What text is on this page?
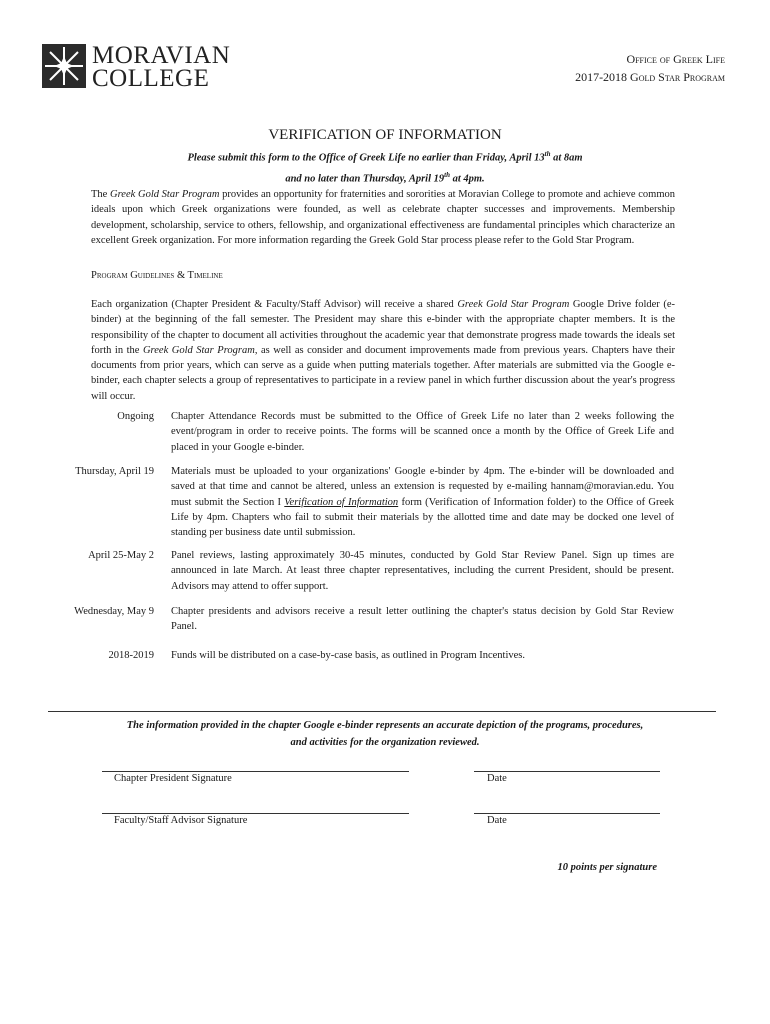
MORAVIAN
COLLEGE
Office of Greek Life
2017-2018 Gold Star Program
VERIFICATION OF INFORMATION
Please submit this form to the Office of Greek Life no earlier than Friday, April 13th at 8am
and no later than Thursday, April 19th at 4pm.
The Greek Gold Star Program provides an opportunity for fraternities and sororities at Moravian College to promote and achieve common ideals upon which Greek organizations were founded, as well as celebrate chapter successes and improvements. Membership development, scholarship, service to others, fellowship, and organizational effectiveness are fundamental principles which characterize an excellent Greek organization. For more information regarding the Greek Gold Star process please refer to the Gold Star Program.
Program Guidelines & Timeline
Each organization (Chapter President & Faculty/Staff Advisor) will receive a shared Greek Gold Star Program Google Drive folder (e-binder) at the beginning of the fall semester. The President may share this e-binder with the appropriate chapter members. It is the responsibility of the chapter to document all activities throughout the academic year that demonstrate progress made towards the ideals set forth in the Greek Gold Star Program, as well as consider and document improvements made from previous years. Chapters have their documents from prior years, which can serve as a guide when putting materials together. After materials are submitted via the Google e-binder, each chapter selects a group of representatives to participate in a review panel in which further discussion about the year's progress will occur.
Ongoing Chapter Attendance Records must be submitted to the Office of Greek Life no later than 2 weeks following the event/program in order to receive points. The forms will be scanned once a month by the Office of Greek Life and placed in your Google e-binder.
Thursday, April 19 Materials must be uploaded to your organizations' Google e-binder by 4pm. The e-binder will be downloaded and saved at that time and cannot be altered, unless an extension is requested by e-mailing hannam@moravian.edu. You must submit the Section I Verification of Information form (Verification of Information folder) to the Office of Greek Life by 4pm. Chapters who fail to submit their materials by the allotted time and date may be docked one level of standing per business date until submission.
April 25-May 2 Panel reviews, lasting approximately 30-45 minutes, conducted by Gold Star Review Panel. Sign up times are announced in late March. At least three chapter representatives, including the current President, should be present. Advisors may attend to offer support.
Wednesday, May 9 Chapter presidents and advisors receive a result letter outlining the chapter's status decision by Gold Star Review Panel.
2018-2019 Funds will be distributed on a case-by-case basis, as outlined in Program Incentives.
The information provided in the chapter Google e-binder represents an accurate depiction of the programs, procedures,
and activities for the organization reviewed.
Chapter President Signature	Date
Faculty/Staff Advisor Signature	Date
10 points per signature
